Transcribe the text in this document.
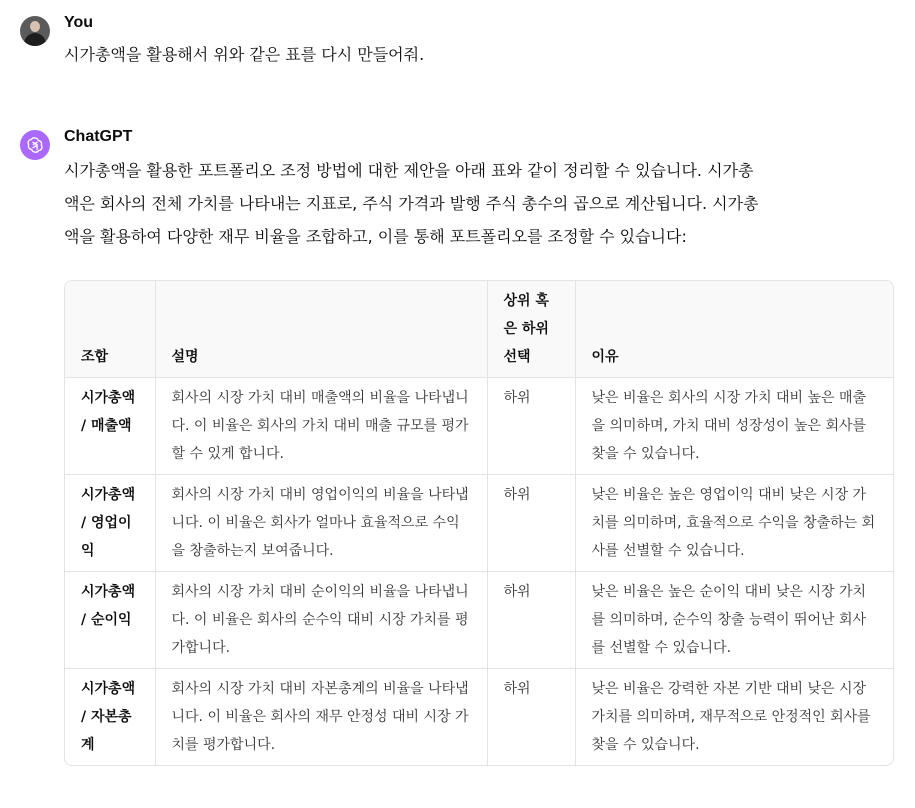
You
시가총액을 활용해서 위와 같은 표를 다시 만들어줘.
ChatGPT
시가총액을 활용한 포트폴리오 조정 방법에 대한 제안을 아래 표와 같이 정리할 수 있습니다. 시가총
액은 회사의 전체 가치를 나타내는 지표로, 주식 가격과 발행 주식 총수의 곱으로 계산됩니다. 시가총
액을 활용하여 다양한 재무 비율을 조합하고, 이를 통해 포트폴리오를 조정할 수 있습니다:
조합	설명	상위 혹은 하위 선택	이유
시가총액 / 매출액	회사의 시장 가치 대비 매출액의 비율을 나타냅니다. 이 비율은 회사의 가치 대비 매출 규모를 평가할 수 있게 합니다.	하위	낮은 비율은 회사의 시장 가치 대비 높은 매출을 의미하며, 가치 대비 성장성이 높은 회사를 찾을 수 있습니다.
시가총액 / 영업이익	회사의 시장 가치 대비 영업이익의 비율을 나타냅니다. 이 비율은 회사가 얼마나 효율적으로 수익을 창출하는지 보여줍니다.	하위	낮은 비율은 높은 영업이익 대비 낮은 시장 가치를 의미하며, 효율적으로 수익을 창출하는 회사를 선별할 수 있습니다.
시가총액 / 순이익	회사의 시장 가치 대비 순이익의 비율을 나타냅니다. 이 비율은 회사의 순수익 대비 시장 가치를 평가합니다.	하위	낮은 비율은 높은 순이익 대비 낮은 시장 가치를 의미하며, 순수익 창출 능력이 뛰어난 회사를 선별할 수 있습니다.
시가총액 / 자본총계	회사의 시장 가치 대비 자본총계의 비율을 나타냅니다. 이 비율은 회사의 재무 안정성 대비 시장 가치를 평가합니다.	하위	낮은 비율은 강력한 자본 기반 대비 낮은 시장 가치를 의미하며, 재무적으로 안정적인 회사를 찾을 수 있습니다.
